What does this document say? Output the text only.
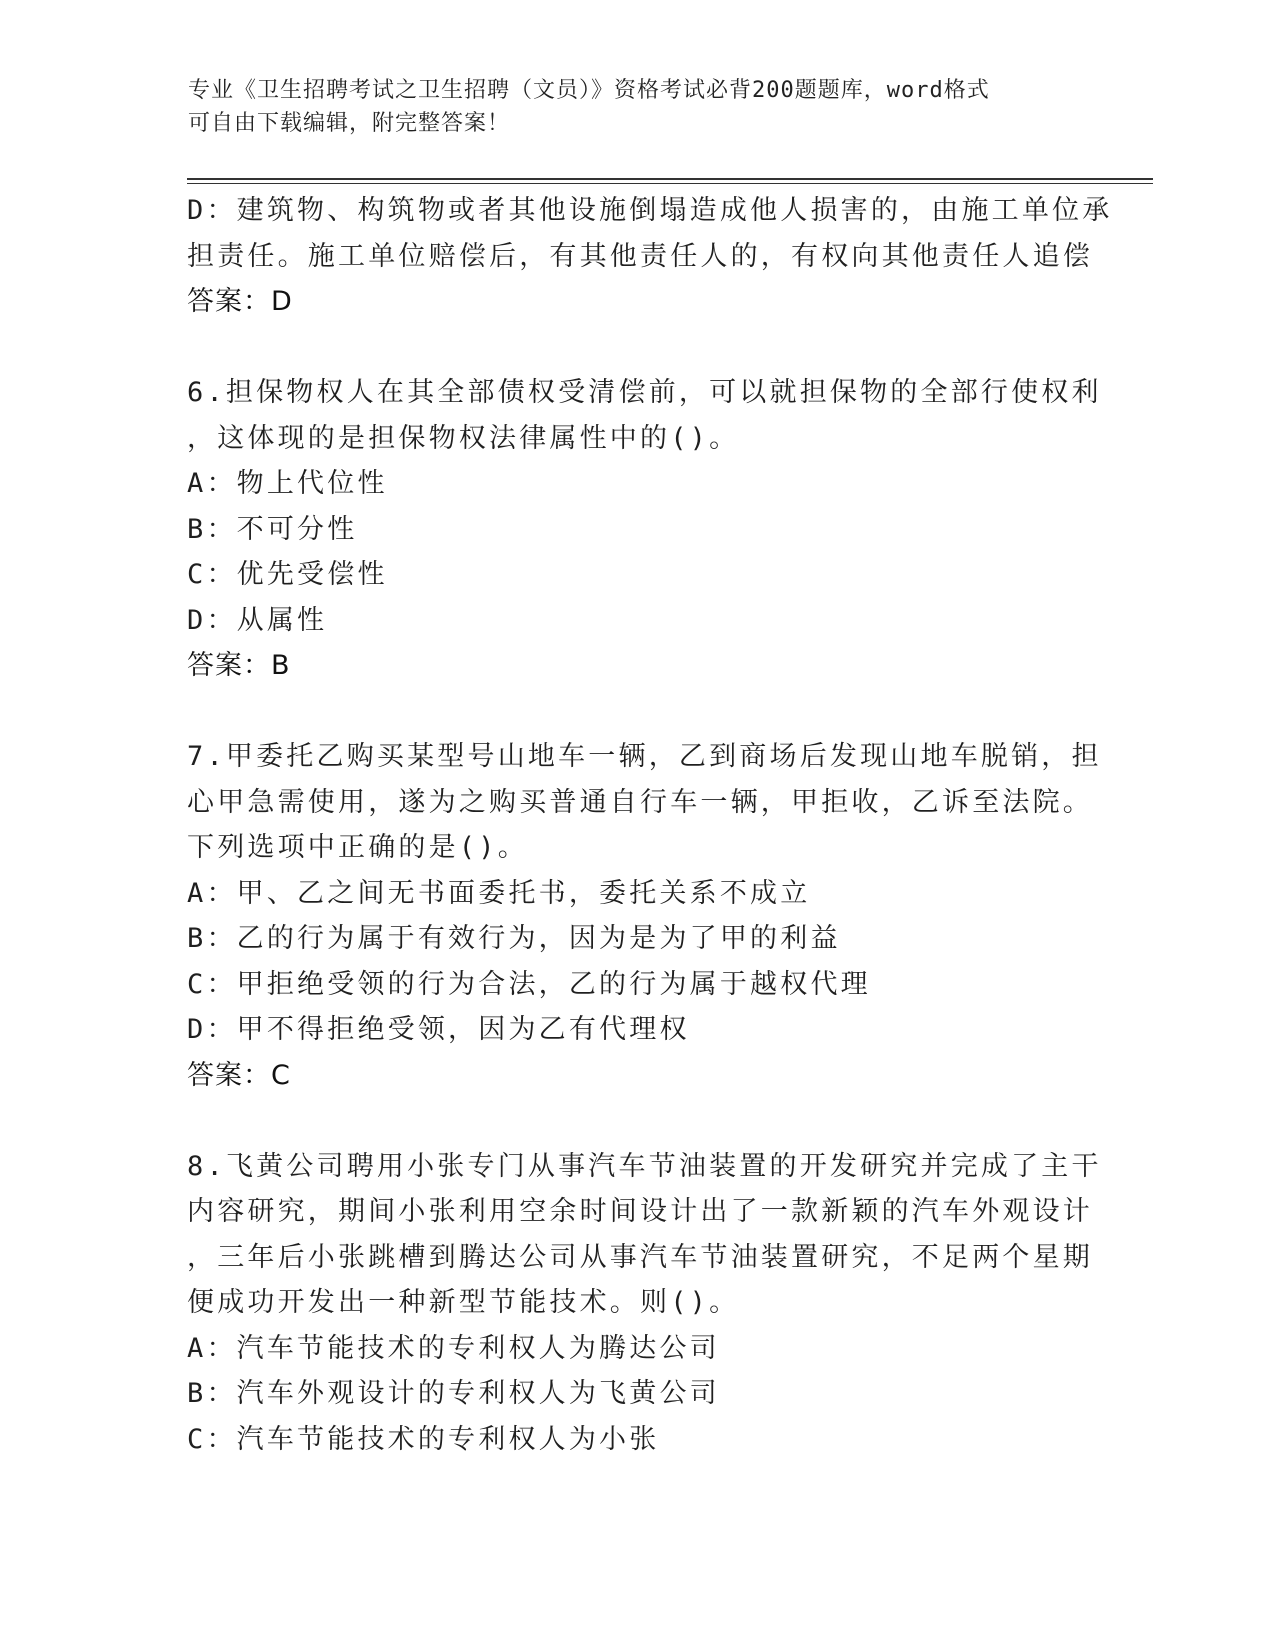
专业《卫生招聘考试之卫生招聘（文员）》资格考试必背200题题库，word格式
可自由下载编辑，附完整答案！
D：建筑物、构筑物或者其他设施倒塌造成他人损害的，由施工单位承
担责任。施工单位赔偿后，有其他责任人的，有权向其他责任人追偿
答案：D
6.担保物权人在其全部债权受清偿前，可以就担保物的全部行使权利
，这体现的是担保物权法律属性中的()。
A：物上代位性
B：不可分性
C：优先受偿性
D：从属性
答案：B
7.甲委托乙购买某型号山地车一辆，乙到商场后发现山地车脱销，担
心甲急需使用，遂为之购买普通自行车一辆，甲拒收，乙诉至法院。
下列选项中正确的是()。
A：甲、乙之间无书面委托书，委托关系不成立
B：乙的行为属于有效行为，因为是为了甲的利益
C：甲拒绝受领的行为合法，乙的行为属于越权代理
D：甲不得拒绝受领，因为乙有代理权
答案：C
8.飞黄公司聘用小张专门从事汽车节油装置的开发研究并完成了主干
内容研究，期间小张利用空余时间设计出了一款新颖的汽车外观设计
，三年后小张跳槽到腾达公司从事汽车节油装置研究，不足两个星期
便成功开发出一种新型节能技术。则()。
A：汽车节能技术的专利权人为腾达公司
B：汽车外观设计的专利权人为飞黄公司
C：汽车节能技术的专利权人为小张
